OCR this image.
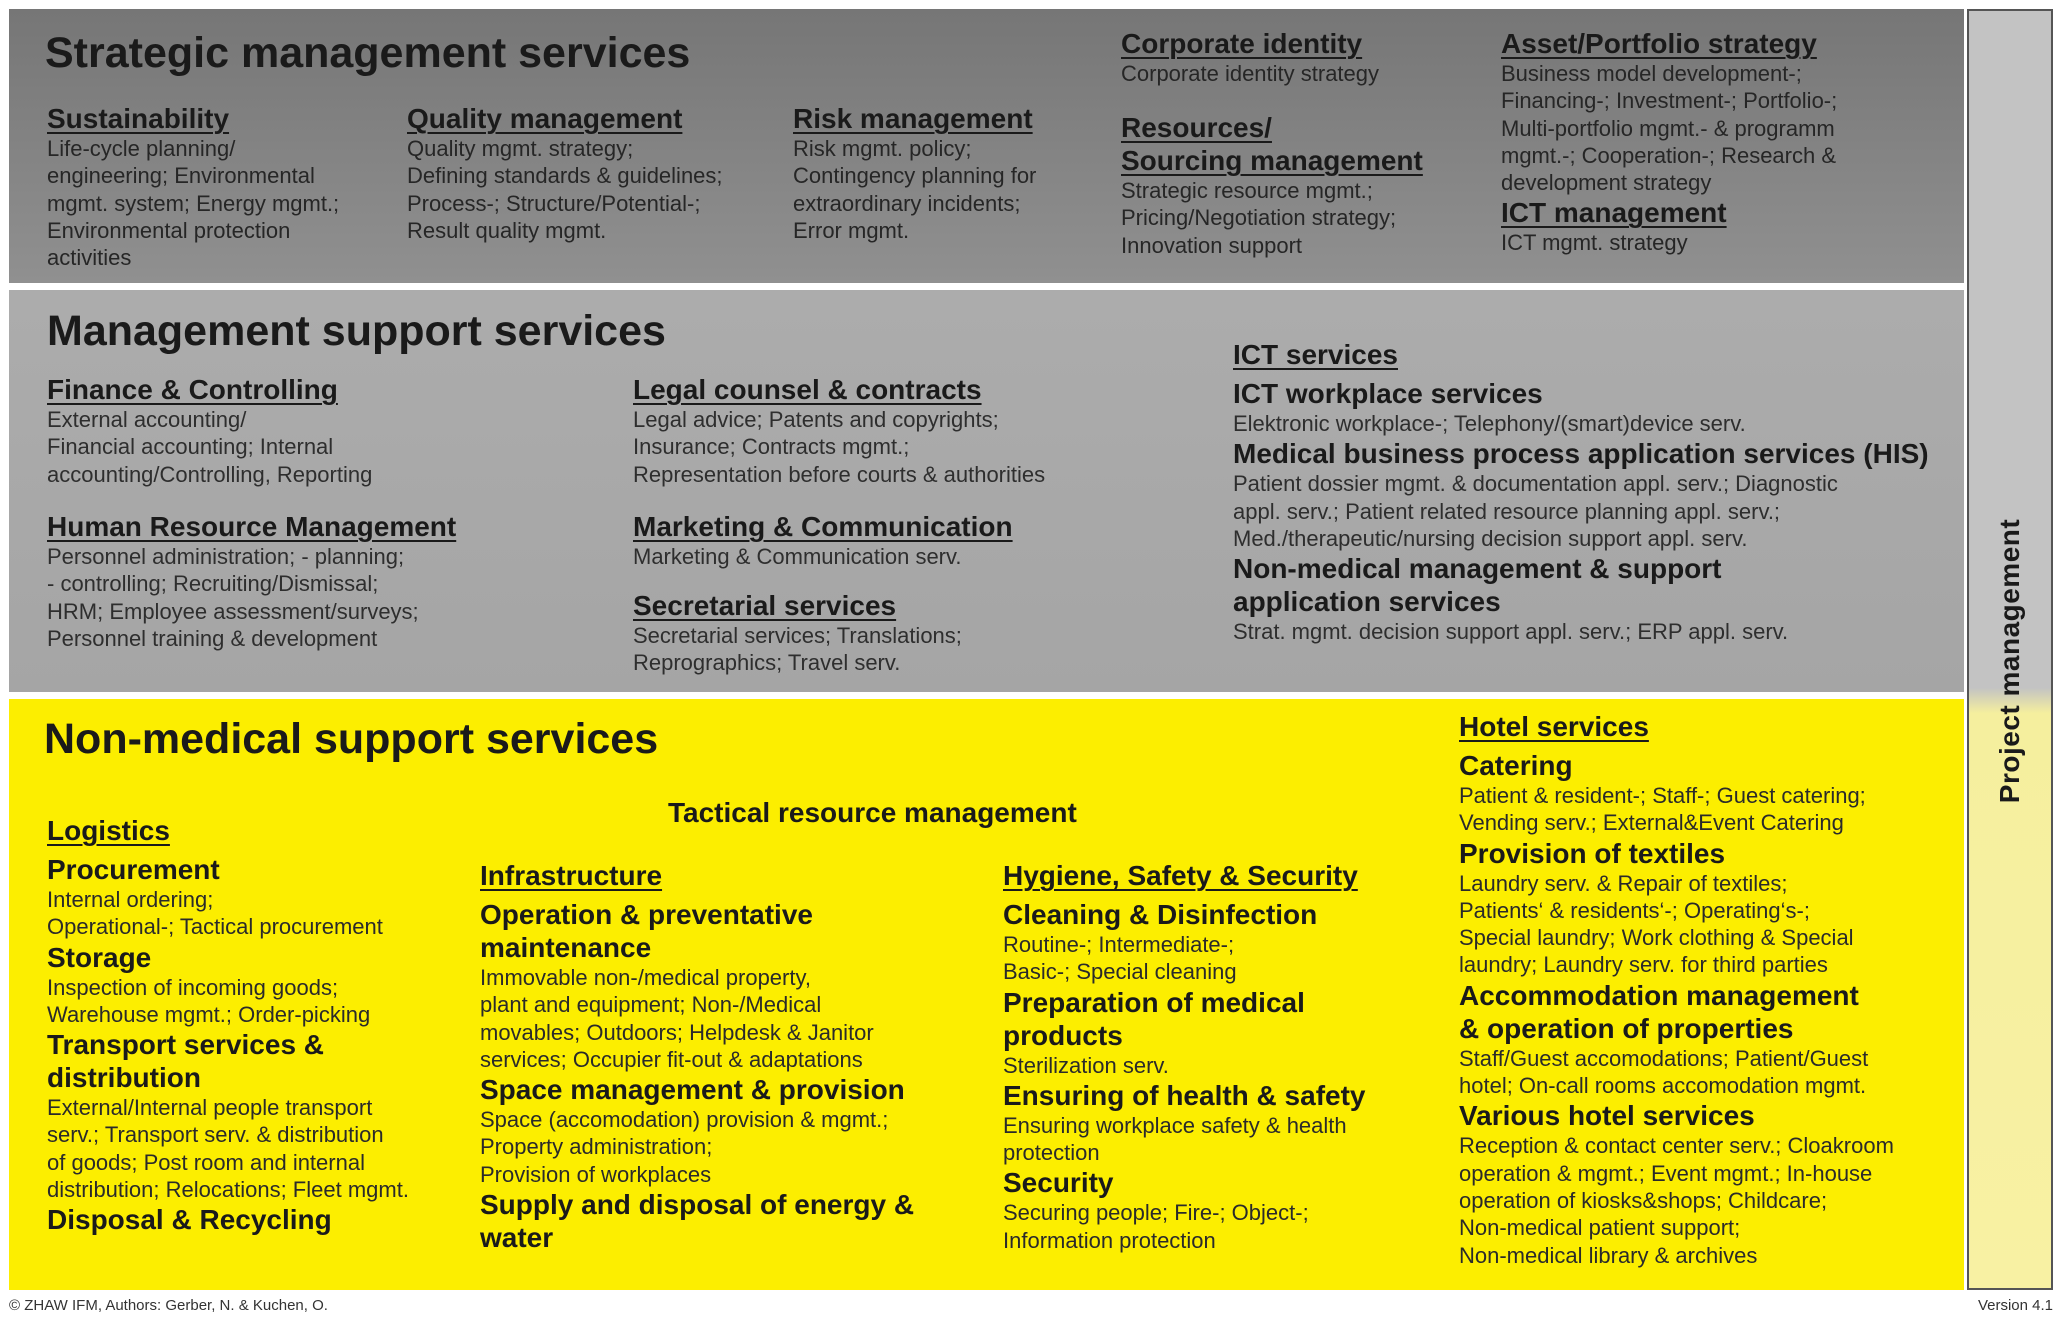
Strategic management services

Sustainability

Life-cycle planning/

engineering; Environmental

mgmt. system; Energy mgmt.;

Environmental protection

activities

Quality management

Quality mgmt. strategy;

Defining standards & guidelines;

Process-; Structure/Potential-;

Result quality mgmt.

Risk management

Risk mgmt. policy;

Contingency planning for

extraordinary incidents;

Error mgmt.

Corporate identity

Corporate identity strategy

Resources/

Sourcing management

Strategic resource mgmt.;

Pricing/Negotiation strategy;

Innovation support

Asset/Portfolio strategy

Business model development-;

Financing-; Investment-; Portfolio-;

Multi-portfolio mgmt.- & programm

mgmt.-; Cooperation-; Research &

development strategy

ICT management

ICT mgmt. strategy

Management support services

Finance & Controlling

External accounting/

Financial accounting; Internal

accounting/Controlling, Reporting

Human Resource Management

Personnel administration; - planning;

- controlling; Recruiting/Dismissal;

HRM; Employee assessment/surveys;

Personnel training & development

Legal counsel & contracts

Legal advice; Patents and copyrights;

Insurance; Contracts mgmt.;

Representation before courts & authorities

Marketing & Communication

Marketing & Communication serv.

Secretarial services

Secretarial services; Translations;

Reprographics; Travel serv.

ICT services

ICT workplace services

Elektronic workplace-; Telephony/(smart)device serv.

Medical business process application services (HIS)

Patient dossier mgmt. & documentation appl. serv.; Diagnostic

appl. serv.; Patient related resource planning appl. serv.;

Med./therapeutic/nursing decision support appl. serv.

Non-medical management & support

application services

Strat. mgmt. decision support appl. serv.; ERP appl. serv.

Non-medical support services
Tactical resource management

Logistics

Procurement

Internal ordering;

Operational-; Tactical procurement

Storage

Inspection of incoming goods;

Warehouse mgmt.; Order-picking

Transport services &

distribution

External/Internal people transport

serv.; Transport serv. & distribution

of goods; Post room and internal

distribution; Relocations; Fleet mgmt.

Disposal & Recycling

Infrastructure

Operation & preventative

maintenance

Immovable non-/medical property,

plant and equipment; Non-/Medical

movables; Outdoors; Helpdesk & Janitor

services; Occupier fit-out & adaptations

Space management & provision

Space (accomodation) provision & mgmt.;

Property administration;

Provision of workplaces

Supply and disposal of energy &

water

Hygiene, Safety & Security

Cleaning & Disinfection

Routine-; Intermediate-;

Basic-; Special cleaning

Preparation of medical

products

Sterilization serv.

Ensuring of health & safety

Ensuring workplace safety & health

protection

Security

Securing people; Fire-; Object-;

Information protection

Hotel services

Catering

Patient & resident-; Staff-; Guest catering;

Vending serv.; External&Event Catering

Provision of textiles

Laundry serv. & Repair of textiles;

Patients‘ & residents‘-; Operating‘s-;

Special laundry; Work clothing & Special

laundry; Laundry serv. for third parties

Accommodation management

& operation of properties

Staff/Guest accomodations; Patient/Guest

hotel; On-call rooms accomodation mgmt.

Various hotel services

Reception & contact center serv.; Cloakroom

operation & mgmt.; Event mgmt.; In-house

operation of kiosks&shops; Childcare;

Non-medical patient support;

Non-medical library & archives

Project management
© ZHAW IFM, Authors: Gerber, N. & Kuchen, O.	Version 4.1
